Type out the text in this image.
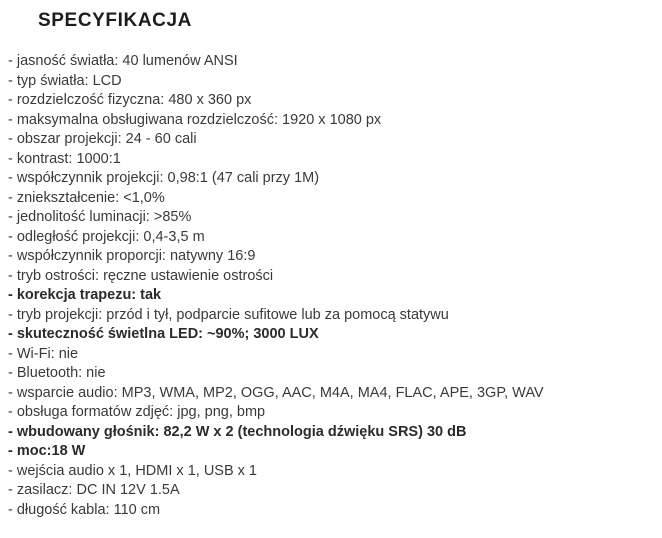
SPECYFIKACJA
- jasność światła: 40 lumenów ANSI
- typ światła: LCD
- rozdzielczość fizyczna: 480 x 360 px
- maksymalna obsługiwana rozdzielczość: 1920 x 1080 px
- obszar projekcji: 24 - 60 cali
- kontrast: 1000:1
- współczynnik projekcji: 0,98:1 (47 cali przy 1M)
- zniekształcenie: <1,0%
- jednolitość luminacji: >85%
- odległość projekcji: 0,4-3,5 m
- współczynnik proporcji: natywny 16:9
- tryb ostrości: ręczne ustawienie ostrości
- korekcja trapezu: tak
- tryb projekcji: przód i tył, podparcie sufitowe lub za pomocą statywu
- skuteczność świetlna LED: ~90%; 3000 LUX
- Wi-Fi: nie
- Bluetooth: nie
- wsparcie audio: MP3, WMA, MP2, OGG, AAC, M4A, MA4, FLAC, APE, 3GP, WAV
- obsługa formatów zdjęć: jpg, png, bmp
- wbudowany głośnik: 82,2 W x 2 (technologia dźwięku SRS) 30 dB
- moc:18 W
- wejścia audio x 1, HDMI x 1, USB x 1
- zasilacz: DC IN 12V 1.5A
- długość kabla: 110 cm
